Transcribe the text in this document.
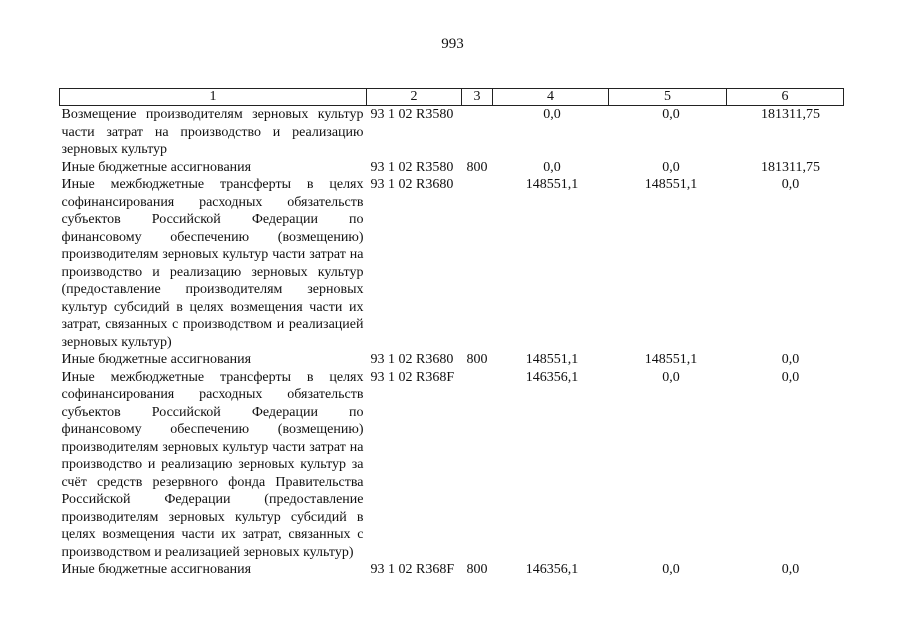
993
1	2	3	4	5	6
Возмещение производителям зерновых культур части затрат на производство и реализацию зерновых культур	93 1 02 R3580		0,0	0,0	181311,75
Иные бюджетные ассигнования	93 1 02 R3580	800	0,0	0,0	181311,75
Иные межбюджетные трансферты в целях софинансирования расходных обязательств субъектов Российской Федерации по финансовому обеспечению (возмещению) производителям зерновых культур части затрат на производство и реализацию зерновых культур (предоставление производителям зерновых культур субсидий в целях возмещения части их затрат, связанных с производством и реализацией зерновых культур)	93 1 02 R3680		148551,1	148551,1	0,0
Иные бюджетные ассигнования	93 1 02 R3680	800	148551,1	148551,1	0,0
Иные межбюджетные трансферты в целях софинансирования расходных обязательств субъектов Российской Федерации по финансовому обеспечению (возмещению) производителям зерновых культур части затрат на производство и реализацию зерновых культур за счёт средств резервного фонда Правительства Российской Федерации (предоставление производителям зерновых культур субсидий в целях возмещения части их затрат, связанных с производством и реализацией зерновых культур)	93 1 02 R368F		146356,1	0,0	0,0
Иные бюджетные ассигнования	93 1 02 R368F	800	146356,1	0,0	0,0
